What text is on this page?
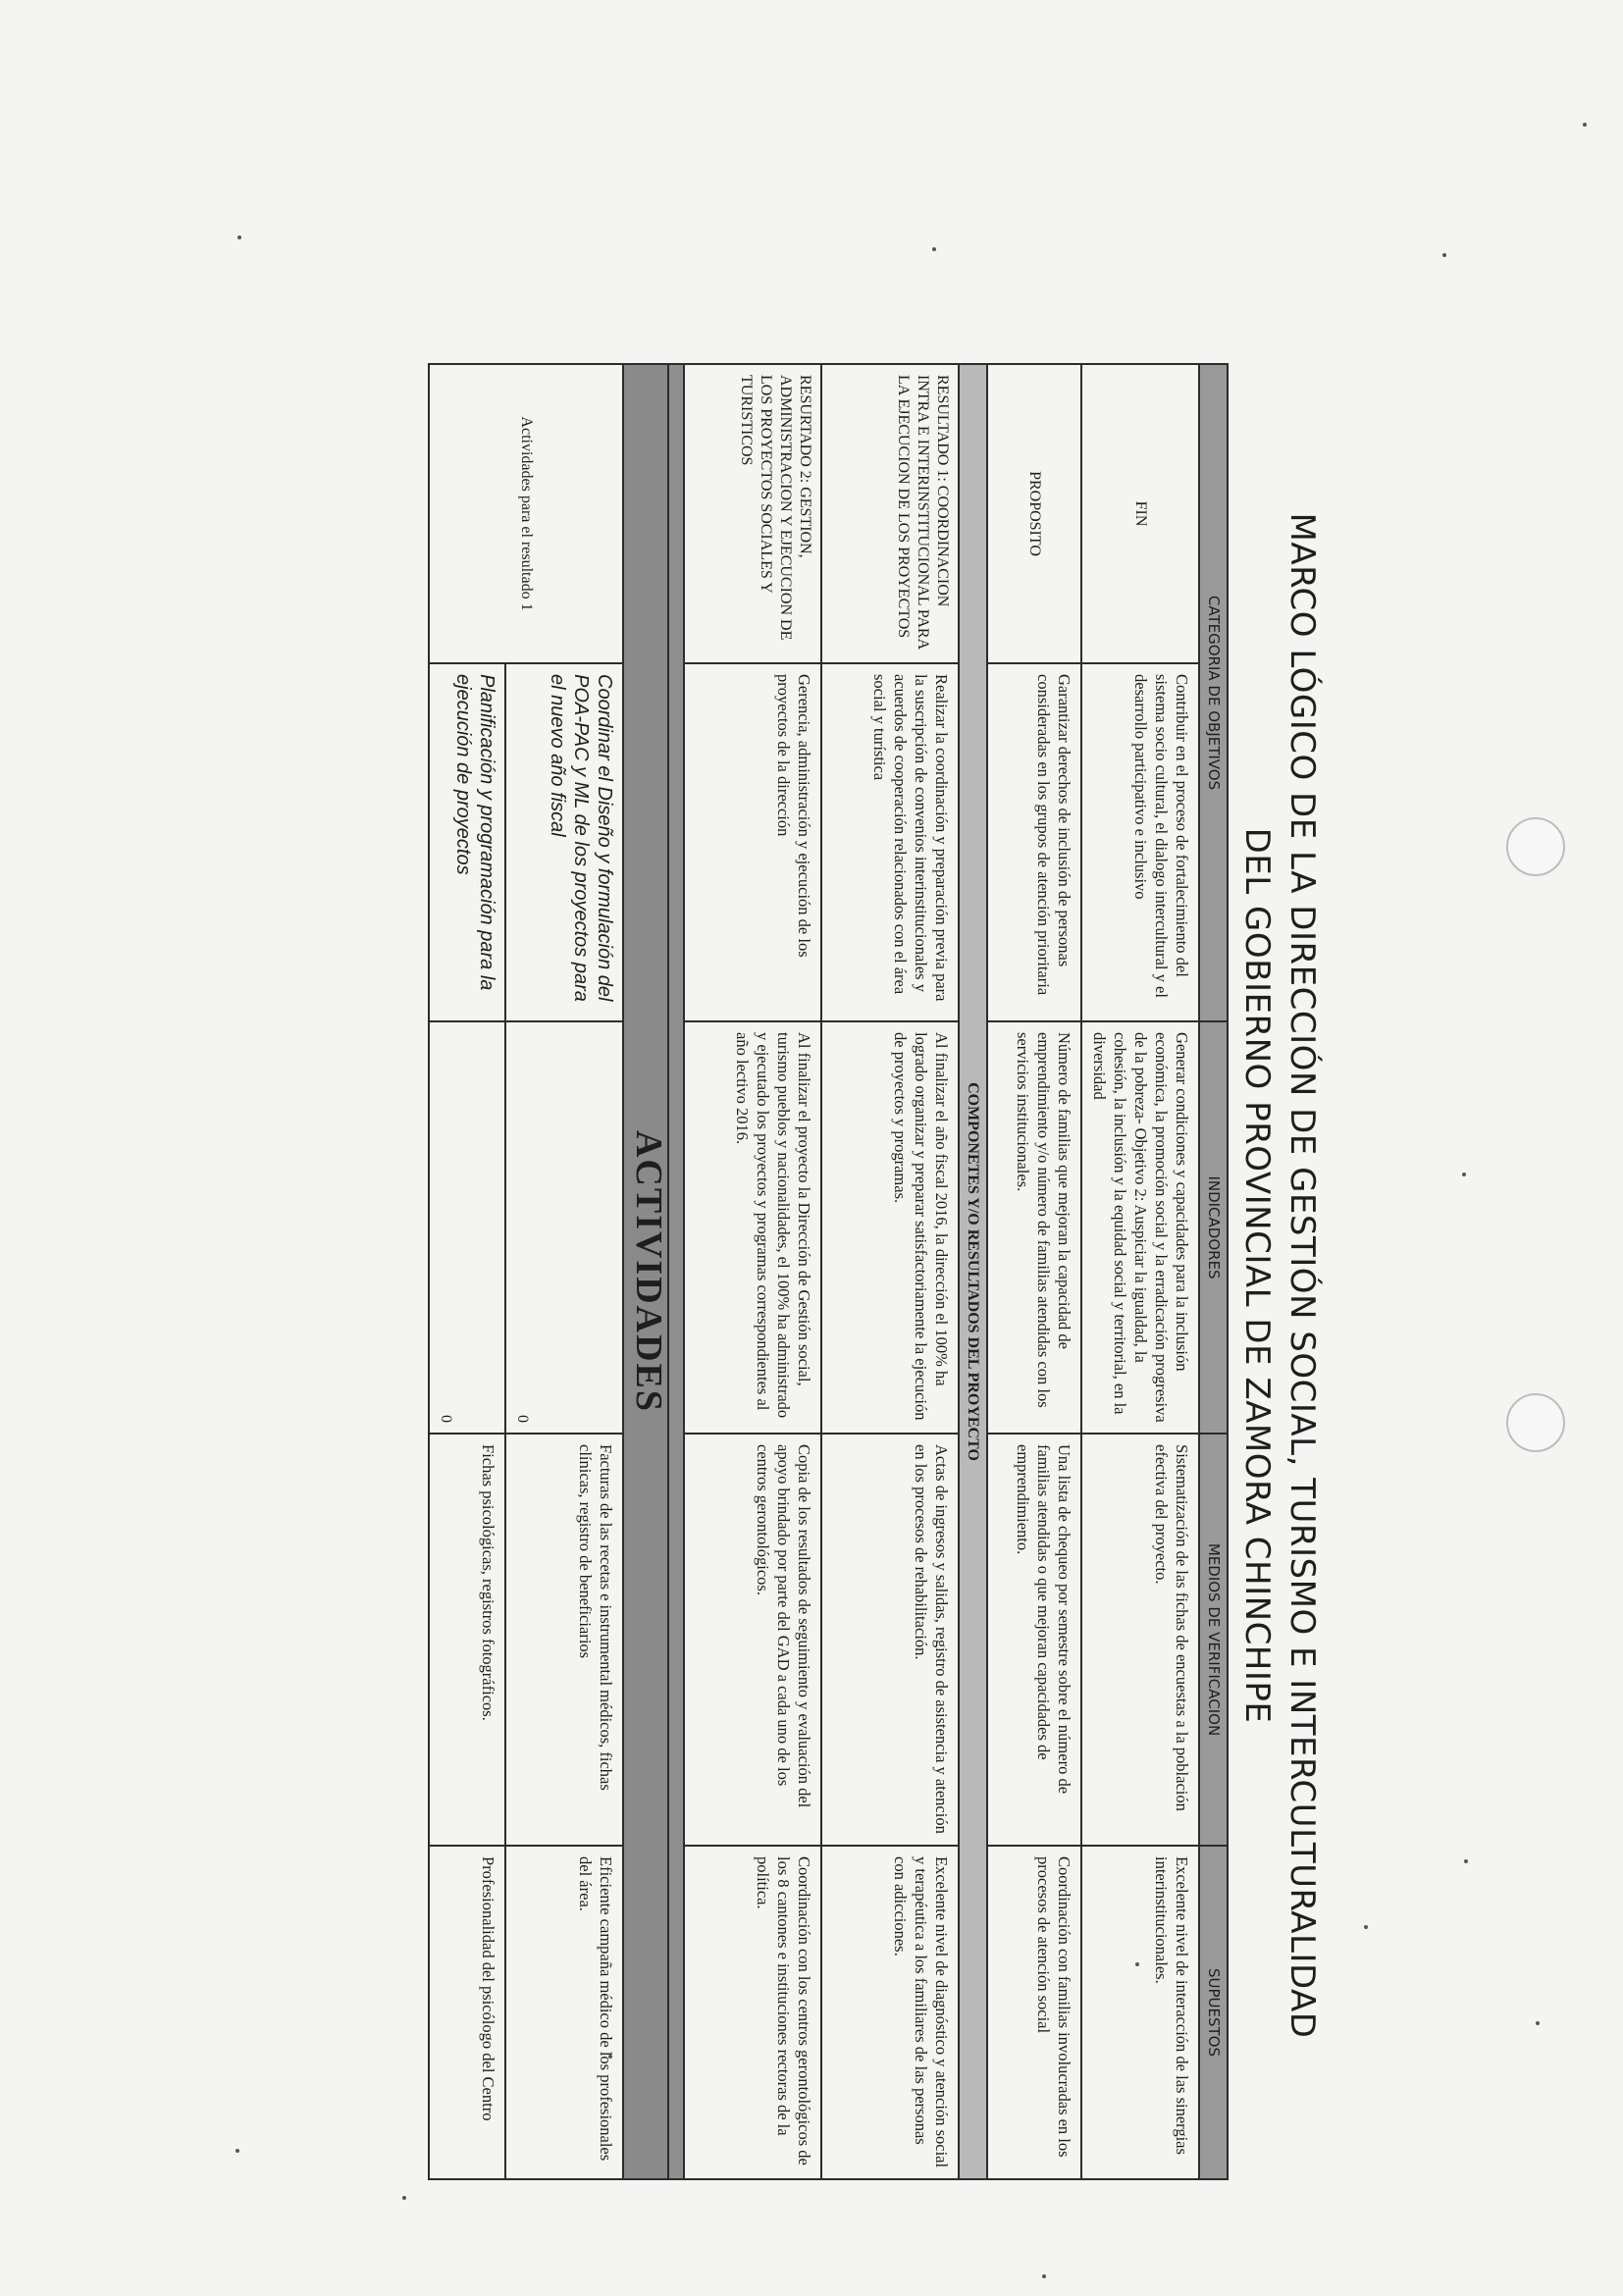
MARCO LÓGICO DE LA DIRECCIÓN DE GESTIÓN SOCIAL, TURISMO E INTERCULTURALIDAD
DEL GOBIERNO PROVINCIAL DE ZAMORA CHINCHIPE
CATEGORIA DE OBJETIVOS		INDICADORES	MEDIOS DE VERIFICACION	SUPUESTOS
FIN	Contribuir en el proceso de fortalecimiento del sistema socio cultural, el dialogo intercultural y el desarrollo participativo e inclusivo	Generar condiciones y capacidades para la inclusión económica, la promoción social y la erradicación progresiva de la pobreza- Objetivo 2: Auspiciar la igualdad, la cohesión, la inclusión y la equidad social y territorial, en la diversidad	Sistematización de las fichas de encuestas a la población efectiva del proyecto.	Excelente nivel de interacción de las sinergias interinstitucionales.
PROPOSITO	Garantizar derechos de inclusión de personas consideradas en los grupos de atención prioritaria	Número de familias que mejoran la capacidad de emprendimiento y/o número de familias atendidas con los servicios institucionales.	Una lista de chequeo por semestre sobre el número de familias atendidas o que mejoran capacidades de emprendimiento.	Coordinación con familias involucradas en los procesos de atención social
COMPONETES Y/O RESULTADOS DEL PROYECTO				
RESULTADO 1: COORDINACION INTRA E INTERINSTITUCIONAL PARA LA EJECUCION DE LOS PROYECTOS	Realizar la coordinación y preparación previa para la suscripción de convenios interinstitucionales y acuerdos de cooperación relacionados con el área social y turística	Al finalizar el año fiscal 2016, la dirección el 100% ha logrado organizar y preparar satisfactoriamente la ejecución de proyectos y programas.	Actas de ingresos y salidas, registro de asistencia y atención en los procesos de rehabilitación.	Excelente nivel de diagnóstico y atención social y terapéutica a los familiares de las personas con adicciones.
RESURTADO 2: GESTION, ADMINISTRACION Y EJECUCION DE LOS PROYECTOS SOCIALES Y TURISTICOS	Gerencia, administración y ejecución de los proyectos de la dirección	Al finalizar el proyecto la Dirección de Gestión social, turismo pueblos y nacionalidades, el 100% ha administrado y ejecutado los proyectos y programas correspondientes al año lectivo 2016.	Copia de los resultados de seguimiento y evaluación del apoyo brindado por parte del GAD a cada uno de los centros gerontológicos.	Coordinación con los centros gerontológicos de los 8 cantones e instituciones rectoras de la política.

ACTIVIDADES				
Actividades para el resultado 1	Coordinar el Diseño y formulación del POA-PAC y ML de los proyectos para el nuevo año fiscal	0	Facturas de las recetas e instrumental médicos, fichas clínicas, registro de beneficiarios	Eficiente campaña médico de los profesionales del área.
	Planificación y programación para la ejecución de proyectos	0	Fichas psicológicas, registros fotográficos.	Profesionalidad del psicólogo del Centro
